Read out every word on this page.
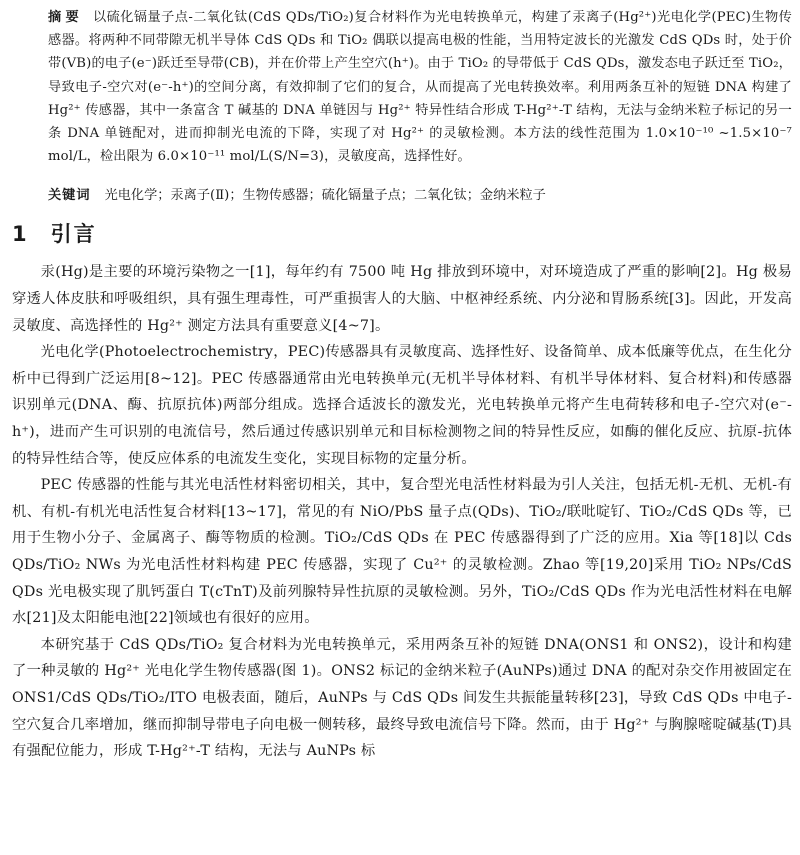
摘要 以硫化镉量子点-二氧化钛(CdS QDs/TiO₂)复合材料作为光电转换单元，构建了汞离子(Hg²⁺)光电化学(PEC)生物传感器。将两种不同带隙无机半导体 CdS QDs 和 TiO₂ 偶联以提高电极的性能，当用特定波长的光激发 CdS QDs 时，处于价带(VB)的电子(e⁻)跃迁至导带(CB)，并在价带上产生空穴(h⁺)。由于 TiO₂ 的导带低于 CdS QDs，激发态电子跃迁至 TiO₂，导致电子-空穴对(e⁻-h⁺)的空间分离，有效抑制了它们的复合，从而提高了光电转换效率。利用两条互补的短链 DNA 构建了 Hg²⁺ 传感器，其中一条富含 T 碱基的 DNA 单链因与 Hg²⁺ 特异性结合形成 T-Hg²⁺-T 结构，无法与金纳米粒子标记的另一条 DNA 单链配对，进而抑制光电流的下降，实现了对 Hg²⁺ 的灵敏检测。本方法的线性范围为 1.0×10⁻¹⁰ ~1.5×10⁻⁷ mol/L，检出限为 6.0×10⁻¹¹ mol/L(S/N=3)，灵敏度高，选择性好。
关键词 光电化学；汞离子(Ⅱ)；生物传感器；硫化镉量子点；二氧化钛；金纳米粒子
1 引言

汞(Hg)是主要的环境污染物之一[1]，每年约有 7500 吨 Hg 排放到环境中，对环境造成了严重的影响[2]。Hg 极易穿透人体皮肤和呼吸组织，具有强生理毒性，可严重损害人的大脑、中枢神经系统、内分泌和胃肠系统[3]。因此，开发高灵敏度、高选择性的 Hg²⁺ 测定方法具有重要意义[4~7]。

光电化学(Photoelectrochemistry，PEC)传感器具有灵敏度高、选择性好、设备简单、成本低廉等优点，在生化分析中已得到广泛运用[8~12]。PEC 传感器通常由光电转换单元(无机半导体材料、有机半导体材料、复合材料)和传感器识别单元(DNA、酶、抗原抗体)两部分组成。选择合适波长的激发光，光电转换单元将产生电荷转移和电子-空穴对(e⁻-h⁺)，进而产生可识别的电流信号，然后通过传感识别单元和目标检测物之间的特异性反应，如酶的催化反应、抗原-抗体的特异性结合等，使反应体系的电流发生变化，实现目标物的定量分析。

PEC 传感器的性能与其光电活性材料密切相关，其中，复合型光电活性材料最为引人关注，包括无机-无机、无机-有机、有机-有机光电活性复合材料[13~17]，常见的有 NiO/PbS 量子点(QDs)、TiO₂/联吡啶钌、TiO₂/CdS QDs 等，已用于生物小分子、金属离子、酶等物质的检测。TiO₂/CdS QDs 在 PEC 传感器得到了广泛的应用。Xia 等[18]以 Cds QDs/TiO₂ NWs 为光电活性材料构建 PEC 传感器，实现了 Cu²⁺ 的灵敏检测。Zhao 等[19,20]采用 TiO₂ NPs/CdS QDs 光电极实现了肌钙蛋白 T(cTnT)及前列腺特异性抗原的灵敏检测。另外，TiO₂/CdS QDs 作为光电活性材料在电解水[21]及太阳能电池[22]领域也有很好的应用。

本研究基于 CdS QDs/TiO₂ 复合材料为光电转换单元，采用两条互补的短链 DNA(ONS1 和 ONS2)，设计和构建了一种灵敏的 Hg²⁺ 光电化学生物传感器(图 1)。ONS2 标记的金纳米粒子(AuNPs)通过 DNA 的配对杂交作用被固定在 ONS1/CdS QDs/TiO₂/ITO 电极表面，随后，AuNPs 与 CdS QDs 间发生共振能量转移[23]，导致 CdS QDs 中电子-空穴复合几率增加，继而抑制导带电子向电极一侧转移，最终导致电流信号下降。然而，由于 Hg²⁺ 与胸腺嘧啶碱基(T)具有强配位能力，形成 T-Hg²⁺-T 结构，无法与 AuNPs 标
